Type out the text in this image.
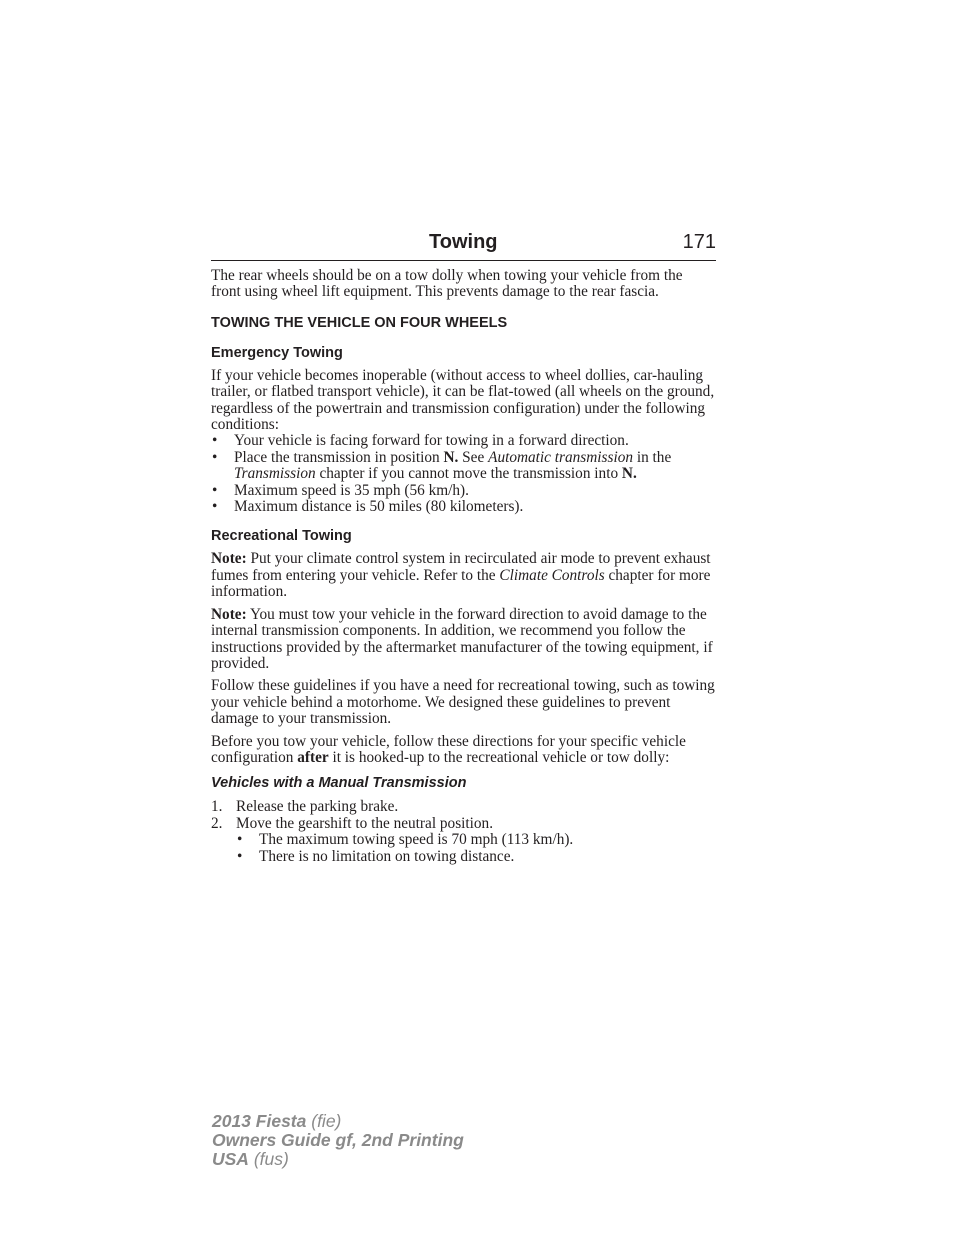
Towing	171

The rear wheels should be on a tow dolly when towing your vehicle from the front using wheel lift equipment. This prevents damage to the rear fascia.

TOWING THE VEHICLE ON FOUR WHEELS
Emergency Towing

If your vehicle becomes inoperable (without access to wheel dollies, car-hauling trailer, or flatbed transport vehicle), it can be flat-towed (all wheels on the ground, regardless of the powertrain and transmission configuration) under the following conditions:

• Your vehicle is facing forward for towing in a forward direction.
• Place the transmission in position N. See Automatic transmission in the Transmission chapter if you cannot move the transmission into N.
• Maximum speed is 35 mph (56 km/h).
• Maximum distance is 50 miles (80 kilometers).
Recreational Towing

Note: Put your climate control system in recirculated air mode to prevent exhaust fumes from entering your vehicle. Refer to the Climate Controls chapter for more information.

Note: You must tow your vehicle in the forward direction to avoid damage to the internal transmission components. In addition, we recommend you follow the instructions provided by the aftermarket manufacturer of the towing equipment, if provided.

Follow these guidelines if you have a need for recreational towing, such as towing your vehicle behind a motorhome. We designed these guidelines to prevent damage to your transmission.

Before you tow your vehicle, follow these directions for your specific vehicle configuration after it is hooked-up to the recreational vehicle or tow dolly:

Vehicles with a Manual Transmission
1. Release the parking brake.
2. Move the gearshift to the neutral position.
• The maximum towing speed is 70 mph (113 km/h).
• There is no limitation on towing distance.
2013 Fiesta (fie)
Owners Guide gf, 2nd Printing
USA (fus)
